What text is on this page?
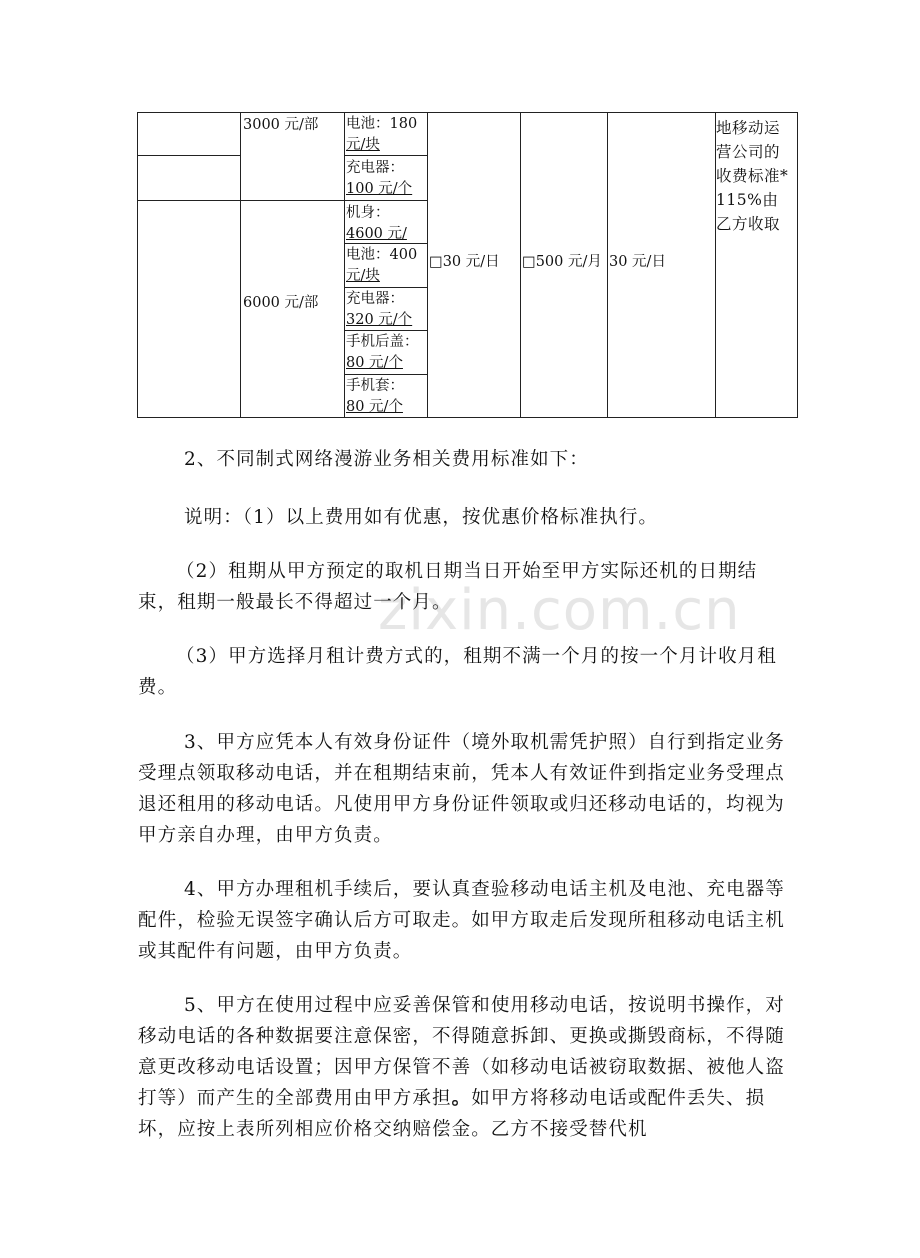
zixin.com.cn
3000 元/部
6000 元/部
电池：180
元/块
充电器：
100 元/个
机身：
4600 元/
电池：400
元/块
充电器：
320 元/个
手机后盖：
80 元/个
手机套：
80 元/个
□30 元/日 □500 元/月 30 元/日
地移动运营公司的收费标准*115%由乙方收取

2、不同制式网络漫游业务相关费用标准如下：

说明：（1）以上费用如有优惠，按优惠价格标准执行。

（2）租期从甲方预定的取机日期当日开始至甲方实际还机的日期结束，租期一般最长不得超过一个月。

（3）甲方选择月租计费方式的，租期不满一个月的按一个月计收月租费。

3、甲方应凭本人有效身份证件（境外取机需凭护照）自行到指定业务受理点领取移动电话，并在租期结束前，凭本人有效证件到指定业务受理点退还租用的移动电话。凡使用甲方身份证件领取或归还移动电话的，均视为甲方亲自办理，由甲方负责。

4、甲方办理租机手续后，要认真查验移动电话主机及电池、充电器等配件，检验无误签字确认后方可取走。如甲方取走后发现所租移动电话主机或其配件有问题，由甲方负责。

5、甲方在使用过程中应妥善保管和使用移动电话，按说明书操作，对移动电话的各种数据要注意保密，不得随意拆卸、更换或撕毁商标，不得随意更改移动电话设置；因甲方保管不善（如移动电话被窃取数据、被他人盗打等）而产生的全部费用由甲方承担。如甲方将移动电话或配件丢失、损坏，应按上表所列相应价格交纳赔偿金。乙方不接受替代机
